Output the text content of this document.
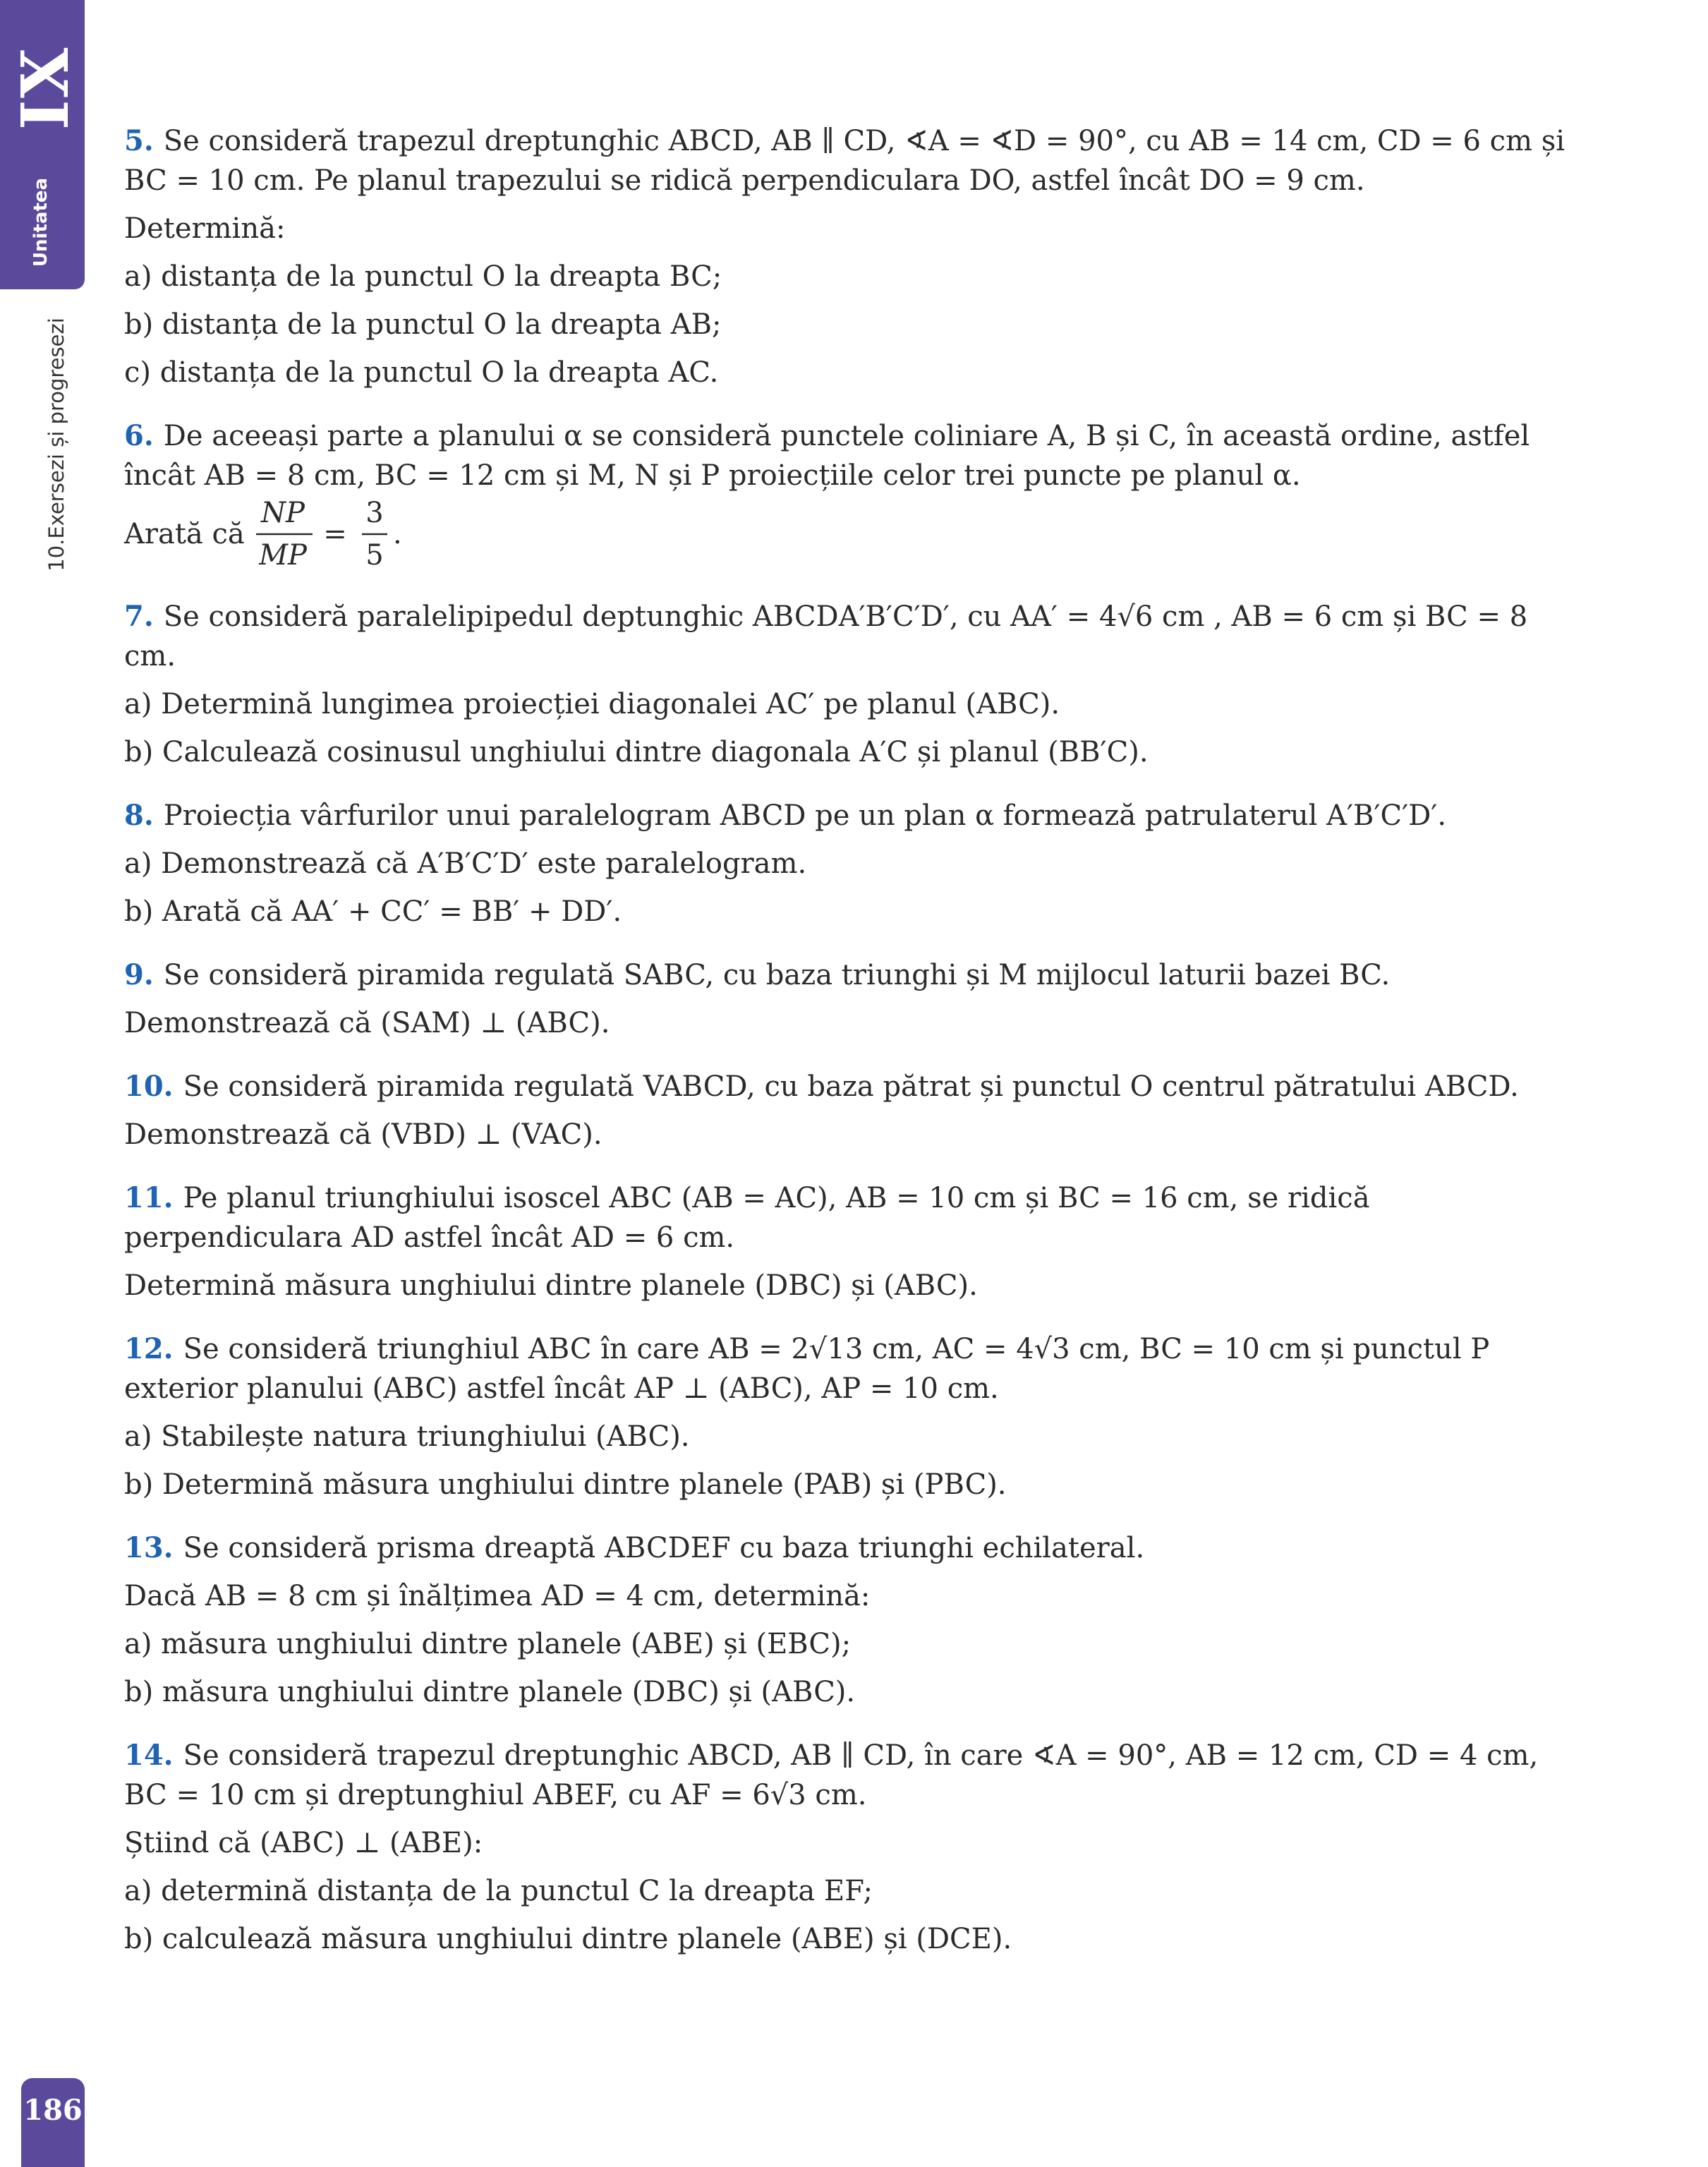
IX
Unitatea
10.Exersezi și progresezi

5. Se consideră trapezul dreptunghic ABCD, AB ∥ CD, ∢A = ∢D = 90°, cu AB = 14 cm, CD = 6 cm și BC = 10 cm. Pe planul trapezului se ridică perpendiculara DO, astfel încât DO = 9 cm.

Determină:

a) distanța de la punctul O la dreapta BC;

b) distanța de la punctul O la dreapta AB;

c) distanța de la punctul O la dreapta AC.

6. De aceeași parte a planului α se consideră punctele coliniare A, B și C, în această ordine, astfel încât AB = 8 cm, BC = 12 cm și M, N și P proiecțiile celor trei puncte pe planul α.

Arată că
NP
MP
=
3
5
.

7. Se consideră paralelipipedul deptunghic ABCDA′B′C′D′, cu AA′ = 4√6 cm , AB = 6 cm și BC = 8 cm.

a) Determină lungimea proiecției diagonalei AC′ pe planul (ABC).

b) Calculează cosinusul unghiului dintre diagonala A′C și planul (BB′C).

8. Proiecția vârfurilor unui paralelogram ABCD pe un plan α formează patrulaterul A′B′C′D′.

a) Demonstrează că A′B′C′D′ este paralelogram.

b) Arată că AA′ + CC′ = BB′ + DD′.

9. Se consideră piramida regulată SABC, cu baza triunghi și M mijlocul laturii bazei BC.

Demonstrează că (SAM) ⊥ (ABC).

10. Se consideră piramida regulată VABCD, cu baza pătrat și punctul O centrul pătratului ABCD.

Demonstrează că (VBD) ⊥ (VAC).

11. Pe planul triunghiului isoscel ABC (AB = AC), AB = 10 cm și BC = 16 cm, se ridică perpendiculara AD astfel încât AD = 6 cm.

Determină măsura unghiului dintre planele (DBC) și (ABC).

12. Se consideră triunghiul ABC în care AB = 2√13 cm, AC = 4√3 cm, BC = 10 cm și punctul P exterior planului (ABC) astfel încât AP ⊥ (ABC), AP = 10 cm.

a) Stabilește natura triunghiului (ABC).

b) Determină măsura unghiului dintre planele (PAB) și (PBC).

13. Se consideră prisma dreaptă ABCDEF cu baza triunghi echilateral.

Dacă AB = 8 cm și înălțimea AD = 4 cm, determină:

a) măsura unghiului dintre planele (ABE) și (EBC);

b) măsura unghiului dintre planele (DBC) și (ABC).

14. Se consideră trapezul dreptunghic ABCD, AB ∥ CD, în care ∢A = 90°, AB = 12 cm, CD = 4 cm, BC = 10 cm și dreptunghiul ABEF, cu AF = 6√3 cm.

Știind că (ABC) ⊥ (ABE):

a) determină distanța de la punctul C la dreapta EF;

b) calculează măsura unghiului dintre planele (ABE) și (DCE).

186
